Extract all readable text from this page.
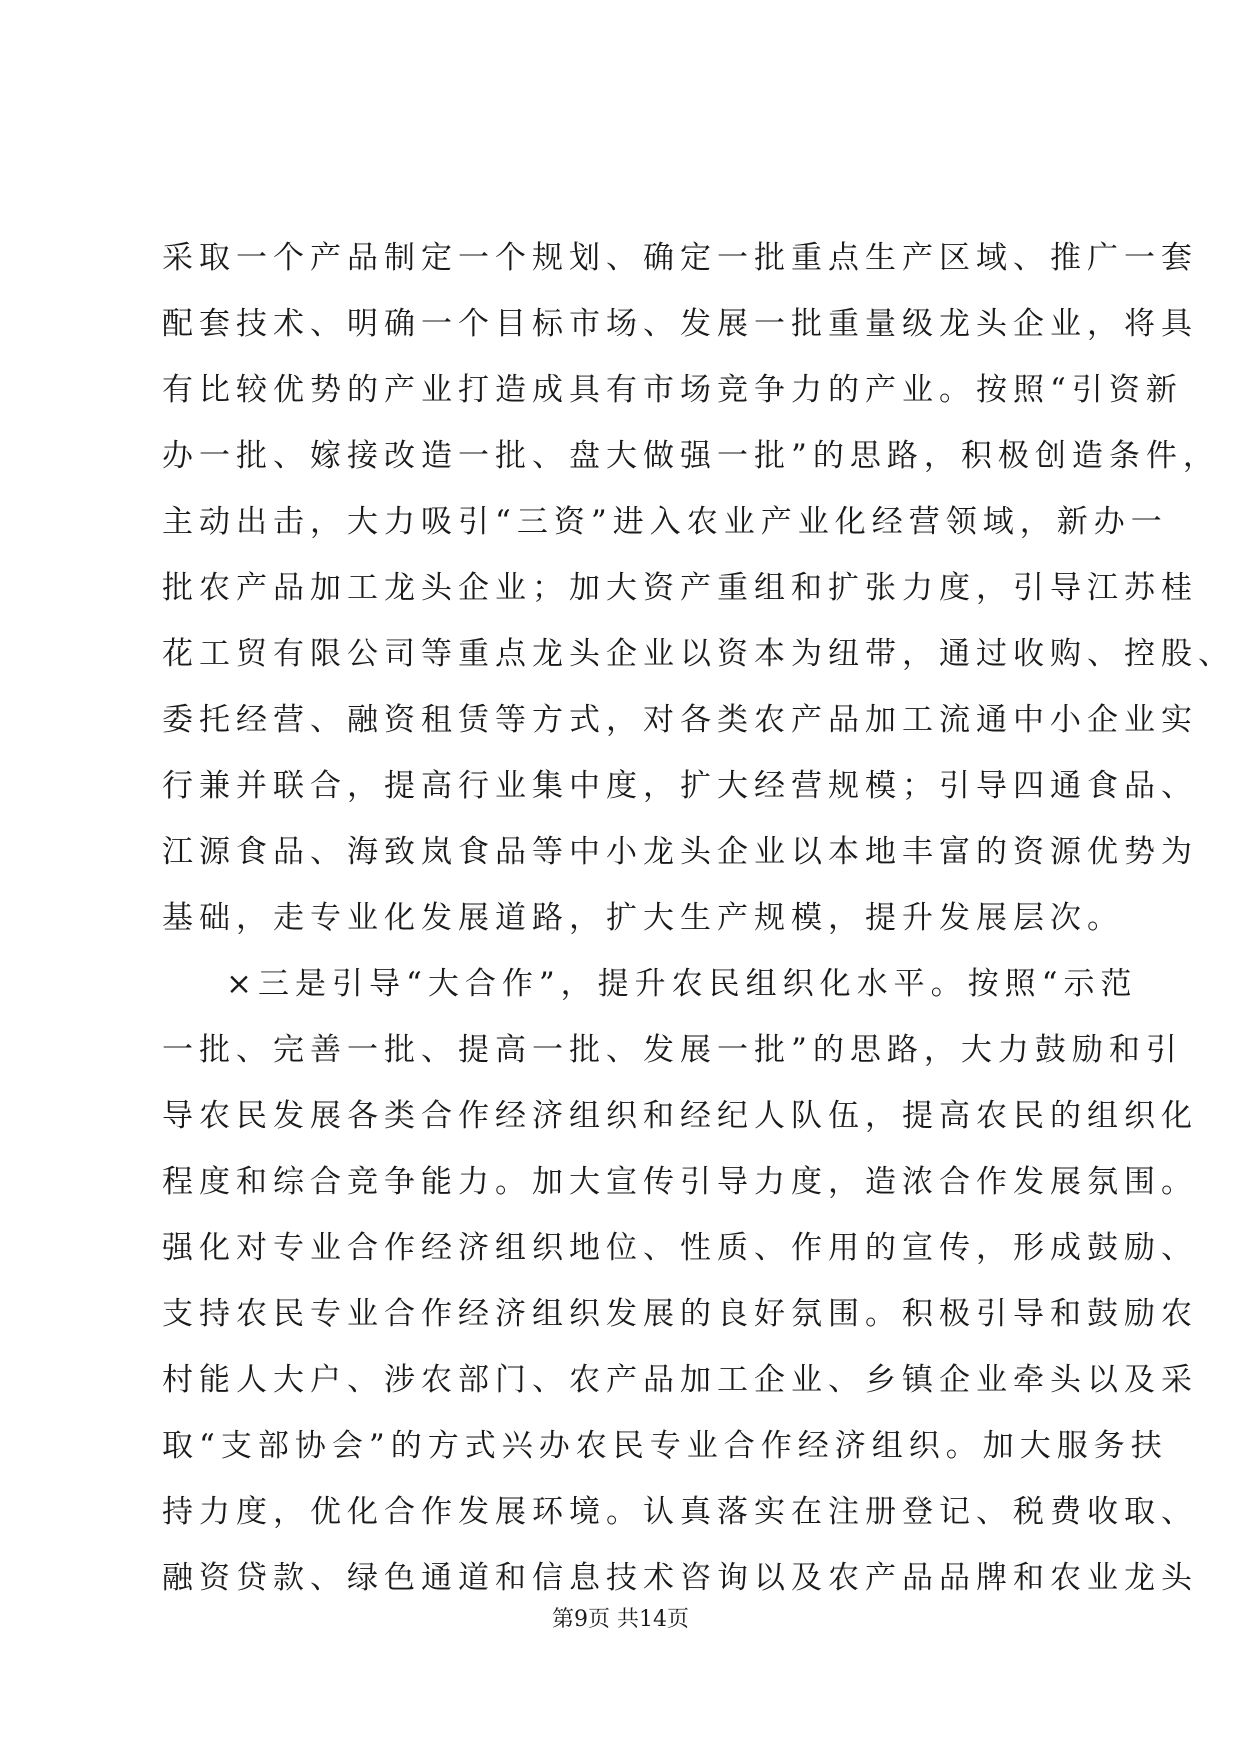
采取一个产品制定一个规划、确定一批重点生产区域、推广一套
配套技术、明确一个目标市场、发展一批重量级龙头企业，将具
有比较优势的产业打造成具有市场竞争力的产业。按照“引资新
办一批、嫁接改造一批、盘大做强一批”的思路，积极创造条件，
主动出击，大力吸引“三资”进入农业产业化经营领域，新办一
批农产品加工龙头企业；加大资产重组和扩张力度，引导江苏桂
花工贸有限公司等重点龙头企业以资本为纽带，通过收购、控股、
委托经营、融资租赁等方式，对各类农产品加工流通中小企业实
行兼并联合，提高行业集中度，扩大经营规模；引导四通食品、
江源食品、海致岚食品等中小龙头企业以本地丰富的资源优势为
基础，走专业化发展道路，扩大生产规模，提升发展层次。
×三是引导“大合作”，提升农民组织化水平。按照“示范
一批、完善一批、提高一批、发展一批”的思路，大力鼓励和引
导农民发展各类合作经济组织和经纪人队伍，提高农民的组织化
程度和综合竞争能力。加大宣传引导力度，造浓合作发展氛围。
强化对专业合作经济组织地位、性质、作用的宣传，形成鼓励、
支持农民专业合作经济组织发展的良好氛围。积极引导和鼓励农
村能人大户、涉农部门、农产品加工企业、乡镇企业牵头以及采
取“支部协会”的方式兴办农民专业合作经济组织。加大服务扶
持力度，优化合作发展环境。认真落实在注册登记、税费收取、
融资贷款、绿色通道和信息技术咨询以及农产品品牌和农业龙头
第9页 共14页
